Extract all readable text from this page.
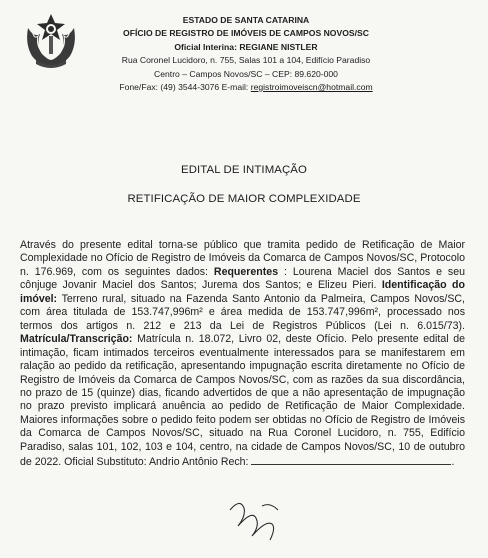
ESTADO DE SANTA CATARINA
OFÍCIO DE REGISTRO DE IMÓVEIS DE CAMPOS NOVOS/SC
Oficial Interina: REGIANE NISTLER
Rua Coronel Lucidoro, n. 755, Salas 101 a 104, Edifício Paradiso
Centro – Campos Novos/SC – CEP: 89.620-000
Fone/Fax: (49) 3544-3076 E-mail: registroimoveiscn@hotmail.com
EDITAL DE INTIMAÇÃO
RETIFICAÇÃO DE MAIOR COMPLEXIDADE
Através do presente edital torna-se público que tramita pedido de Retificação de Maior Complexidade no Ofício de Registro de Imóveis da Comarca de Campos Novos/SC, Protocolo n. 176.969, com os seguintes dados: Requerentes : Lourena Maciel dos Santos e seu cônjuge Jovanir Maciel dos Santos; Jurema dos Santos; e Elizeu Pieri. Identificação do imóvel: Terreno rural, situado na Fazenda Santo Antonio da Palmeira, Campos Novos/SC, com área titulada de 153.747,996m² e área medida de 153.747,996m², processado nos termos dos artigos n. 212 e 213 da Lei de Registros Públicos (Lei n. 6.015/73). Matrícula/Transcrição: Matrícula n. 18.072, Livro 02, deste Ofício. Pelo presente edital de intimação, ficam intimados terceiros eventualmente interessados para se manifestarem em ralação ao pedido da retificação, apresentando impugnação escrita diretamente no Ofício de Registro de Imóveis da Comarca de Campos Novos/SC, com as razões da sua discordância, no prazo de 15 (quinze) dias, ficando advertidos de que a não apresentação de impugnação no prazo previsto implicará anuência ao pedido de Retificação de Maior Complexidade. Maiores informações sobre o pedido feito podem ser obtidas no Ofício de Registro de Imóveis da Comarca de Campos Novos/SC, situado na Rua Coronel Lucidoro, n. 755, Edifício Paradiso, salas 101, 102, 103 e 104, centro, na cidade de Campos Novos/SC, 10 de outubro de 2022. Oficial Substituto: Andrio Antônio Rech:	.
